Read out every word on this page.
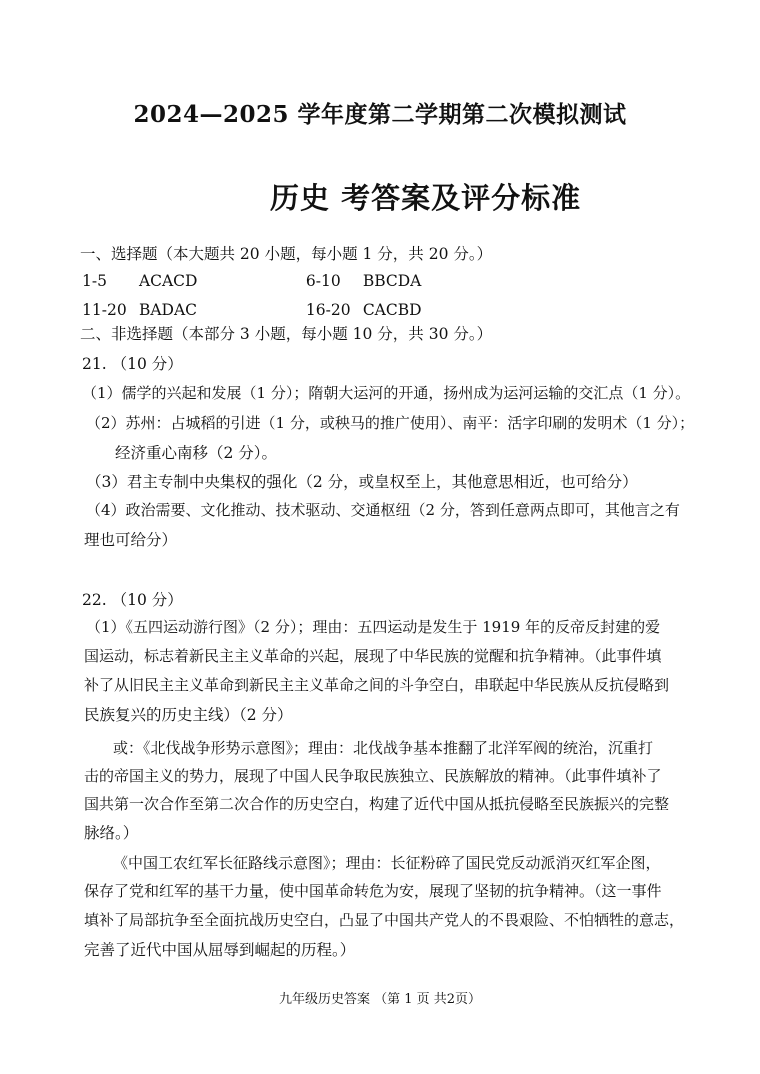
2024—2025 学年度第二学期第二次模拟测试
历史 考答案及评分标准
一、选择题（本大题共 20 小题，每小题 1 分，共 20 分。）
1-5 ACACD	6-10 BBCDA
11-20 BADAC	16-20 CACBD
二、非选择题（本部分 3 小题，每小题 10 分，共 30 分。）
21. （10 分）
（1）儒学的兴起和发展（1 分）；隋朝大运河的开通，扬州成为运河运输的交汇点（1 分）。
（2）苏州：占城稻的引进（1 分，或秧马的推广使用）、南平：活字印刷的发明术（1 分）；
经济重心南移（2 分）。
（3）君主专制中央集权的强化（2 分，或皇权至上，其他意思相近，也可给分）
（4）政治需要、文化推动、技术驱动、交通枢纽（2 分，答到任意两点即可，其他言之有
理也可给分）
22. （10 分）
（1）《五四运动游行图》（2 分）；理由：五四运动是发生于 1919 年的反帝反封建的爱
国运动，标志着新民主主义革命的兴起，展现了中华民族的觉醒和抗争精神。（此事件填
补了从旧民主主义革命到新民主主义革命之间的斗争空白，串联起中华民族从反抗侵略到
民族复兴的历史主线）（2 分）
或：《北伐战争形势示意图》；理由：北伐战争基本推翻了北洋军阀的统治，沉重打
击的帝国主义的势力，展现了中国人民争取民族独立、民族解放的精神。（此事件填补了
国共第一次合作至第二次合作的历史空白，构建了近代中国从抵抗侵略至民族振兴的完整
脉络。）
《中国工农红军长征路线示意图》；理由：长征粉碎了国民党反动派消灭红军企图，
保存了党和红军的基干力量，使中国革命转危为安，展现了坚韧的抗争精神。（这一事件
填补了局部抗争至全面抗战历史空白，凸显了中国共产党人的不畏艰险、不怕牺牲的意志，
完善了近代中国从屈辱到崛起的历程。）
九年级历史答案 （第 1 页 共2页）
